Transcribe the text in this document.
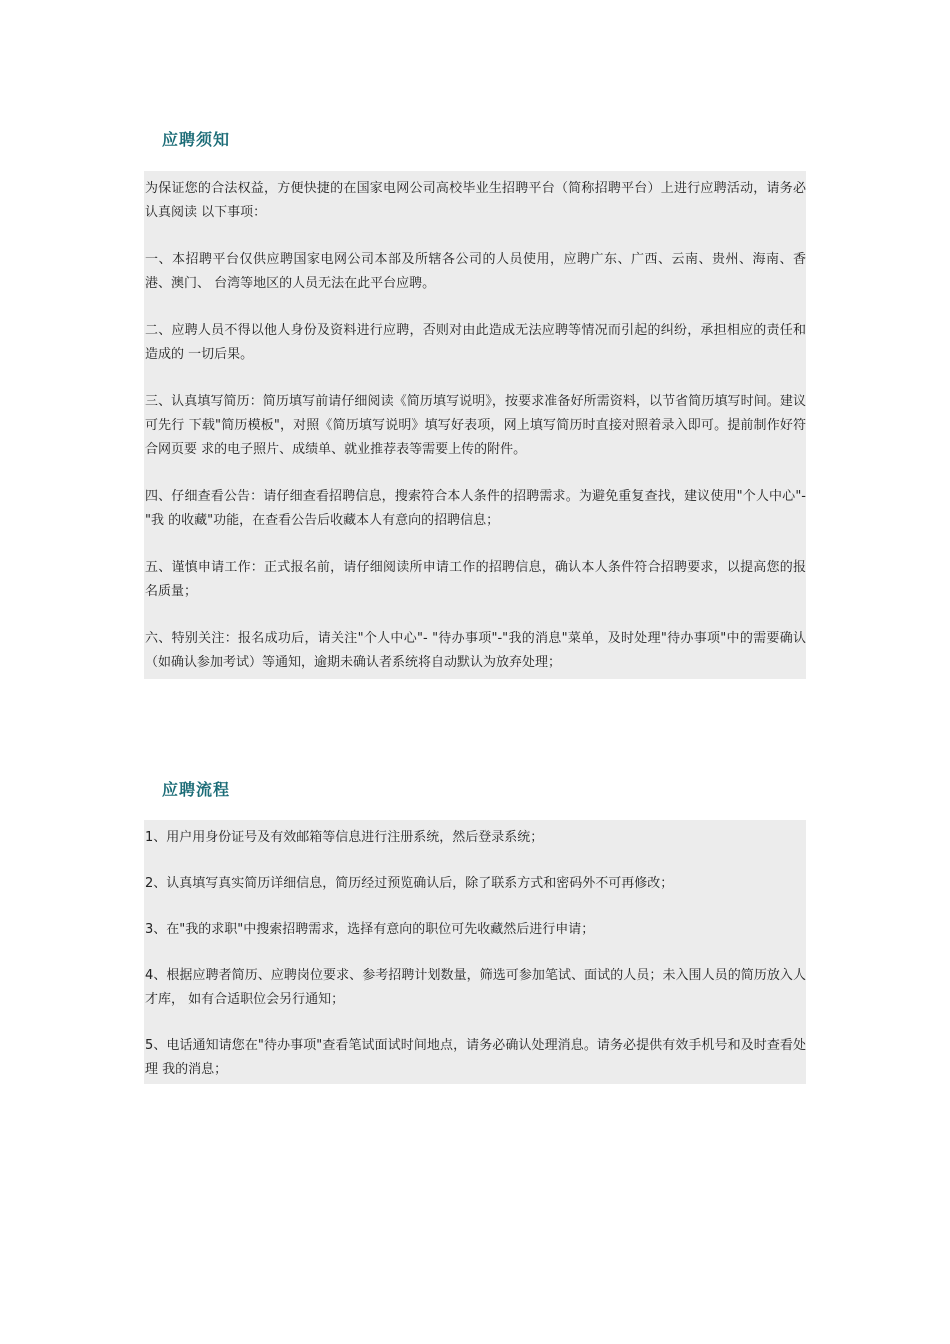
应聘须知

为保证您的合法权益，方便快捷的在国家电网公司高校毕业生招聘平台（简称招聘平台）上进行应聘活动，请务必认真阅读 以下事项：

一、本招聘平台仅供应聘国家电网公司本部及所辖各公司的人员使用，应聘广东、广西、云南、贵州、海南、香港、澳门、 台湾等地区的人员无法在此平台应聘。

二、应聘人员不得以他人身份及资料进行应聘，否则对由此造成无法应聘等情况而引起的纠纷，承担相应的责任和造成的 一切后果。

三、认真填写简历：简历填写前请仔细阅读《简历填写说明》，按要求准备好所需资料，以节省简历填写时间。建议可先行 下载"简历模板"，对照《简历填写说明》填写好表项，网上填写简历时直接对照着录入即可。提前制作好符合网页要 求的电子照片、成绩单、就业推荐表等需要上传的附件。

四、仔细查看公告：请仔细查看招聘信息，搜索符合本人条件的招聘需求。为避免重复查找，建议使用"个人中心"-"我 的收藏"功能，在查看公告后收藏本人有意向的招聘信息；

五、谨慎申请工作：正式报名前，请仔细阅读所申请工作的招聘信息，确认本人条件符合招聘要求，以提高您的报名质量；

六、特别关注：报名成功后，请关注"个人中心"- "待办事项"-"我的消息"菜单，及时处理"待办事项"中的需要确认 （如确认参加考试）等通知，逾期未确认者系统将自动默认为放弃处理；

应聘流程

1、用户用身份证号及有效邮箱等信息进行注册系统，然后登录系统；

2、认真填写真实简历详细信息，简历经过预览确认后，除了联系方式和密码外不可再修改；

3、在"我的求职"中搜索招聘需求，选择有意向的职位可先收藏然后进行申请；

4、根据应聘者简历、应聘岗位要求、参考招聘计划数量，筛选可参加笔试、面试的人员；未入围人员的简历放入人才库， 如有合适职位会另行通知；

5、电话通知请您在"待办事项"查看笔试面试时间地点，请务必确认处理消息。请务必提供有效手机号和及时查看处理 我的消息；
